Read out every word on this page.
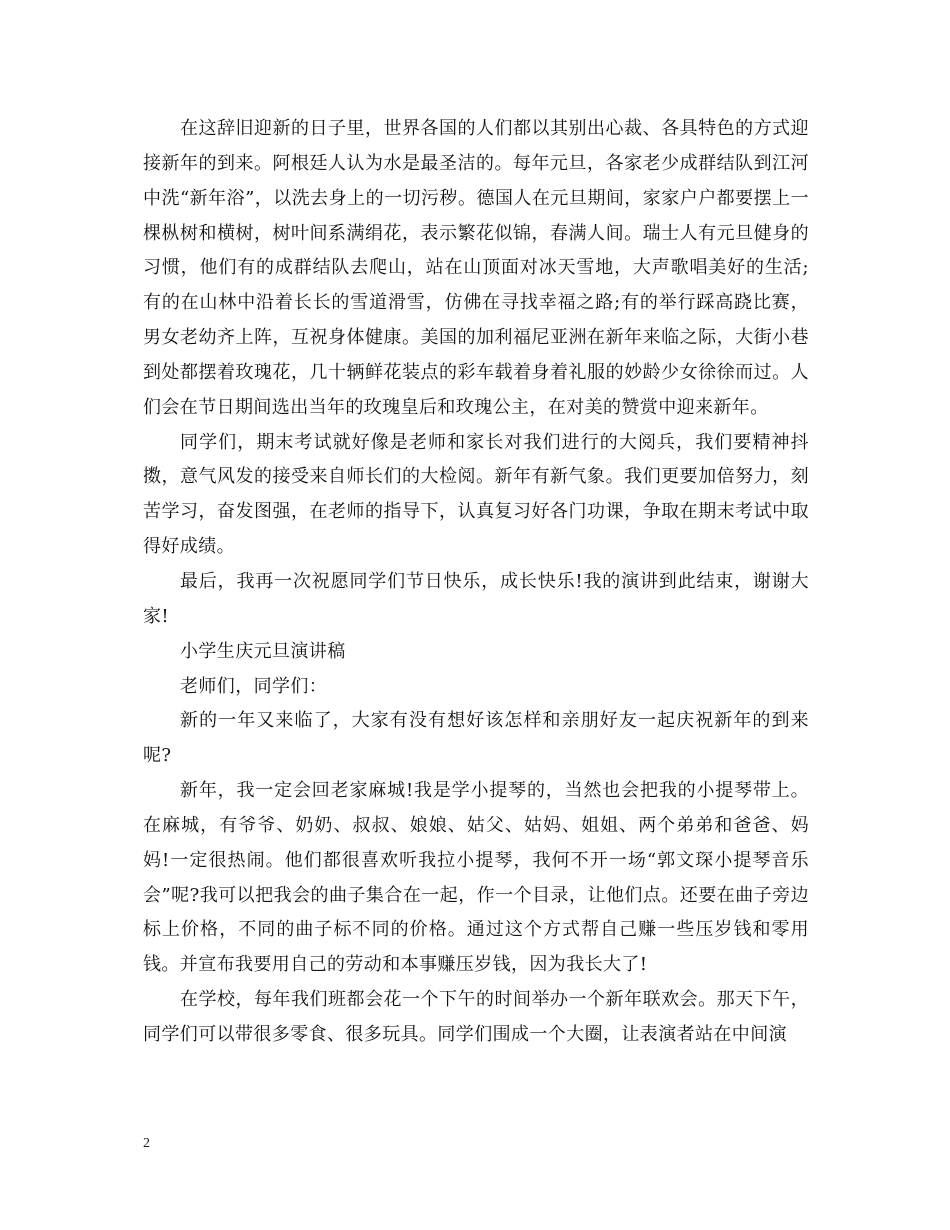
在这辞旧迎新的日子里，世界各国的人们都以其别出心裁、各具特色的方式迎接新年的到来。阿根廷人认为水是最圣洁的。每年元旦，各家老少成群结队到江河中洗“新年浴”，以洗去身上的一切污秽。德国人在元旦期间，家家户户都要摆上一棵枞树和横树，树叶间系满绢花，表示繁花似锦，春满人间。瑞士人有元旦健身的习惯，他们有的成群结队去爬山，站在山顶面对冰天雪地，大声歌唱美好的生活;有的在山林中沿着长长的雪道滑雪，仿佛在寻找幸福之路;有的举行踩高跷比赛，男女老幼齐上阵，互祝身体健康。美国的加利福尼亚洲在新年来临之际，大街小巷到处都摆着玫瑰花，几十辆鲜花装点的彩车载着身着礼服的妙龄少女徐徐而过。人们会在节日期间选出当年的玫瑰皇后和玫瑰公主，在对美的赞赏中迎来新年。

同学们，期末考试就好像是老师和家长对我们进行的大阅兵，我们要精神抖擞，意气风发的接受来自师长们的大检阅。新年有新气象。我们更要加倍努力，刻苦学习，奋发图强，在老师的指导下，认真复习好各门功课，争取在期末考试中取得好成绩。

最后，我再一次祝愿同学们节日快乐，成长快乐!我的演讲到此结束，谢谢大家!

小学生庆元旦演讲稿

老师们，同学们：

新的一年又来临了，大家有没有想好该怎样和亲朋好友一起庆祝新年的到来呢?

新年，我一定会回老家麻城!我是学小提琴的，当然也会把我的小提琴带上。在麻城，有爷爷、奶奶、叔叔、娘娘、姑父、姑妈、姐姐、两个弟弟和爸爸、妈妈!一定很热闹。他们都很喜欢听我拉小提琴，我何不开一场“郭文琛小提琴音乐会”呢?我可以把我会的曲子集合在一起，作一个目录，让他们点。还要在曲子旁边标上价格，不同的曲子标不同的价格。通过这个方式帮自己赚一些压岁钱和零用钱。并宣布我要用自己的劳动和本事赚压岁钱，因为我长大了!

在学校，每年我们班都会花一个下午的时间举办一个新年联欢会。那天下午，同学们可以带很多零食、很多玩具。同学们围成一个大圈，让表演者站在中间演

2
